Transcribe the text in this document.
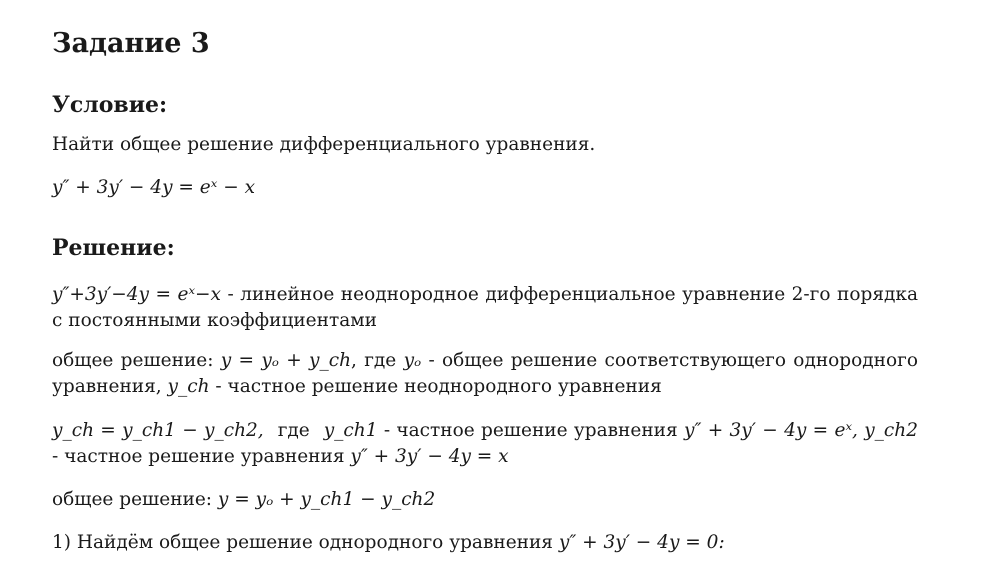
Задание 3
Условие:
Найти общее решение дифференциального уравнения.
y″ + 3y′ − 4y = eˣ − x
Решение:
y″+3y′−4y = eˣ−x - линейное неоднородное дифференциальное уравнение 2-го порядка с постоянными коэффициентами
общее решение: y = yₒ + y_ch, где yₒ - общее решение соответствующего однородного уравнения, y_ch - частное решение неоднородного уравнения
y_ch = y_ch1 − y_ch2, где y_ch1 - частное решение уравнения y″ + 3y′ − 4y = eˣ, y_ch2 - частное решение уравнения y″ + 3y′ − 4y = x
общее решение: y = yₒ + y_ch1 − y_ch2
1) Найдём общее решение однородного уравнения y″ + 3y′ − 4y = 0:
